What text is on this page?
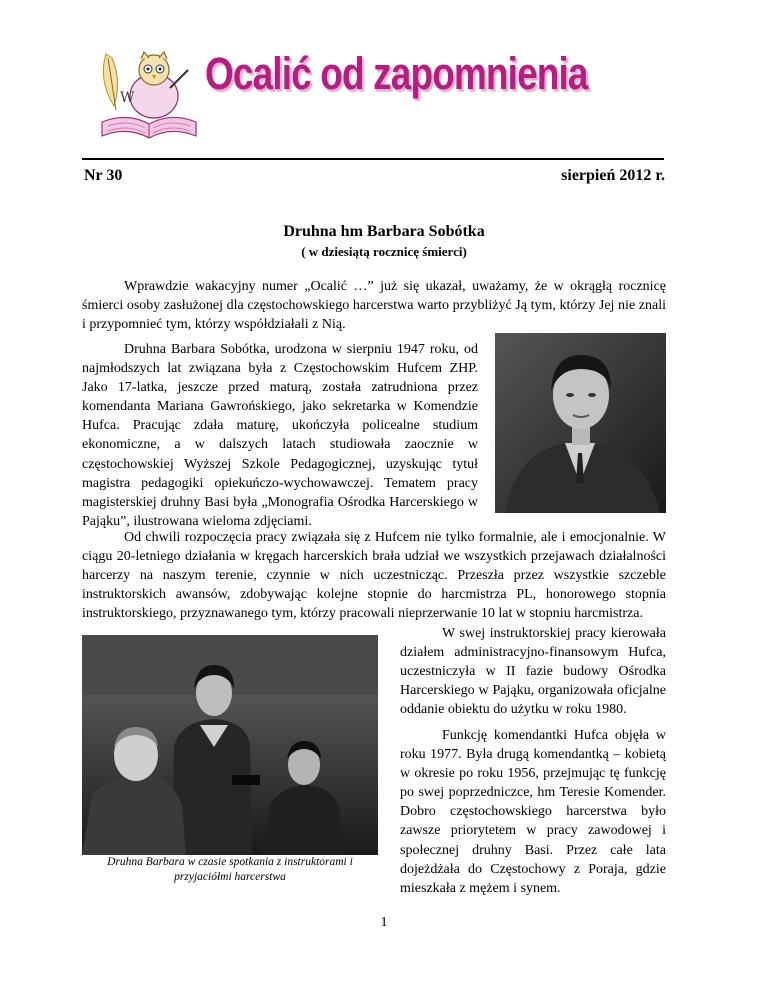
W Ocalić od zapomnienia
Nr 30	sierpień 2012 r.
Druhna hm Barbara Sobótka
( w dziesiątą rocznicę śmierci)

Wprawdzie wakacyjny numer „Ocalić …” już się ukazał, uważamy, że w okrągłą rocznicę śmierci osoby zasłużonej dla częstochowskiego harcerstwa warto przybliżyć Ją tym, którzy Jej nie znali i przypomnieć tym, którzy współdziałali z Nią.

Druhna Barbara Sobótka, urodzona w sierpniu 1947 roku, od najmłodszych lat związana była z Częstochowskim Hufcem ZHP. Jako 17-latka, jeszcze przed maturą, została zatrudniona przez komendanta Mariana Gawrońskiego, jako sekretarka w Komendzie Hufca. Pracując zdała maturę, ukończyła policealne studium ekonomiczne, a w dalszych latach studiowała zaocznie w częstochowskiej Wyższej Szkole Pedagogicznej, uzyskując tytuł magistra pedagogiki opiekuńczo-wychowawczej. Tematem pracy magisterskiej druhny Basi była „Monografia Ośrodka Harcerskiego w Pająku”, ilustrowana wieloma zdjęciami.

Od chwili rozpoczęcia pracy związała się z Hufcem nie tylko formalnie, ale i emocjonalnie. W ciągu 20-letniego działania w kręgach harcerskich brała udział we wszystkich przejawach działalności harcerzy na naszym terenie, czynnie w nich uczestnicząc. Przeszła przez wszystkie szczeble instruktorskich awansów, zdobywając kolejne stopnie do harcmistrza PL, honorowego stopnia instruktorskiego, przyznawanego tym, którzy pracowali nieprzerwanie 10 lat w stopniu harcmistrza.

Druhna Barbara w czasie spotkania z instruktorami i przyjaciółmi harcerstwa

W swej instruktorskiej pracy kierowała działem administracyjno-finansowym Hufca, uczestniczyła w II fazie budowy Ośrodka Harcerskiego w Pająku, organizowała oficjalne oddanie obiektu do użytku w roku 1980.

Funkcję komendantki Hufca objęła w roku 1977. Była drugą komendantką – kobietą w okresie po roku 1956, przejmując tę funkcję po swej poprzedniczce, hm Teresie Komender. Dobro częstochowskiego harcerstwa było zawsze priorytetem w pracy zawodowej i społecznej druhny Basi. Przez całe lata dojeżdżała do Częstochowy z Poraja, gdzie mieszkała z mężem i synem.

1
